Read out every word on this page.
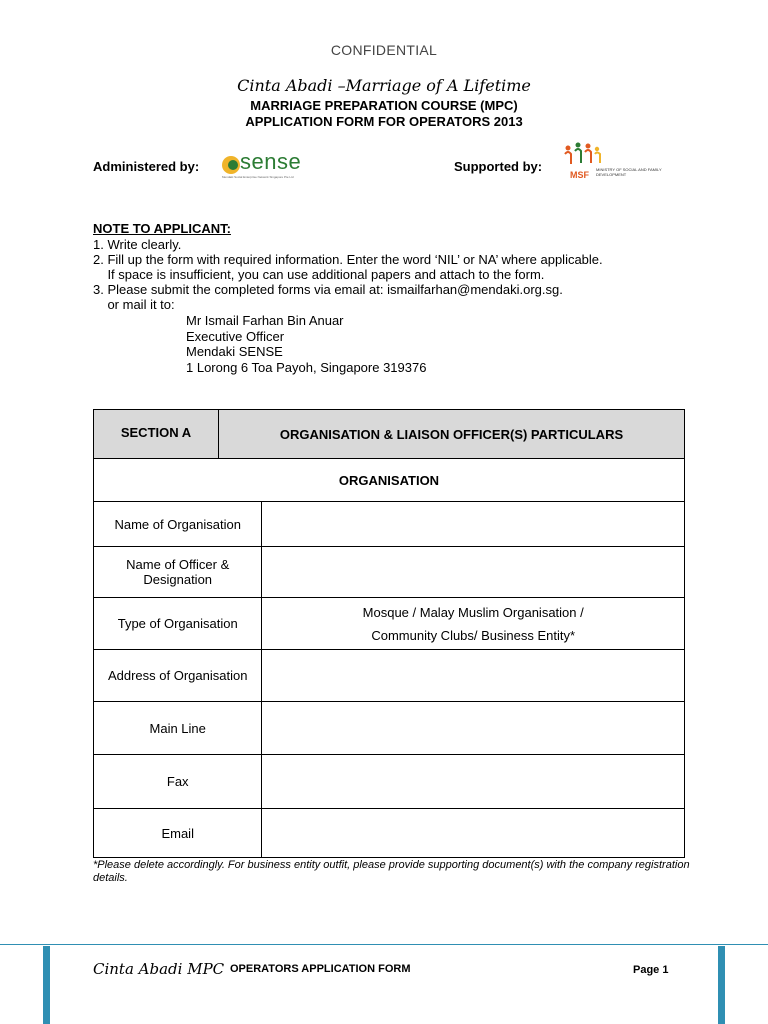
CONFIDENTIAL
Cinta Abadi –Marriage of A Lifetime
MARRIAGE PREPARATION COURSE (MPC)
APPLICATION FORM FOR OPERATORS 2013
Administered by: sense
Mendaki Social Enterprise Network Singapore Pte Ltd
Supported by:
MSF
MINISTRY OF SOCIAL AND FAMILY DEVELOPMENT
NOTE TO APPLICANT:
1. Write clearly.
2. Fill up the form with required information. Enter the word ‘NIL’ or NA’ where applicable.
If space is insufficient, you can use additional papers and attach to the form.
3. Please submit the completed forms via email at: ismailfarhan@mendaki.org.sg.
or mail it to:
Mr Ismail Farhan Bin Anuar
Executive Officer
Mendaki SENSE
1 Lorong 6 Toa Payoh, Singapore 319376
SECTION A	ORGANISATION & LIAISON OFFICER(S) PARTICULARS	
ORGANISATION		
Name of Organisation		
Name of Officer & Designation		
Type of Organisation		Mosque / Malay Muslim Organisation / Community Clubs/ Business Entity*
Address of Organisation		
Main Line		
Fax		
Email		
*Please delete accordingly. For business entity outfit, please provide supporting document(s) with the company registration details.
Cinta Abadi MPC OPERATORS APPLICATION FORM	Page 1
